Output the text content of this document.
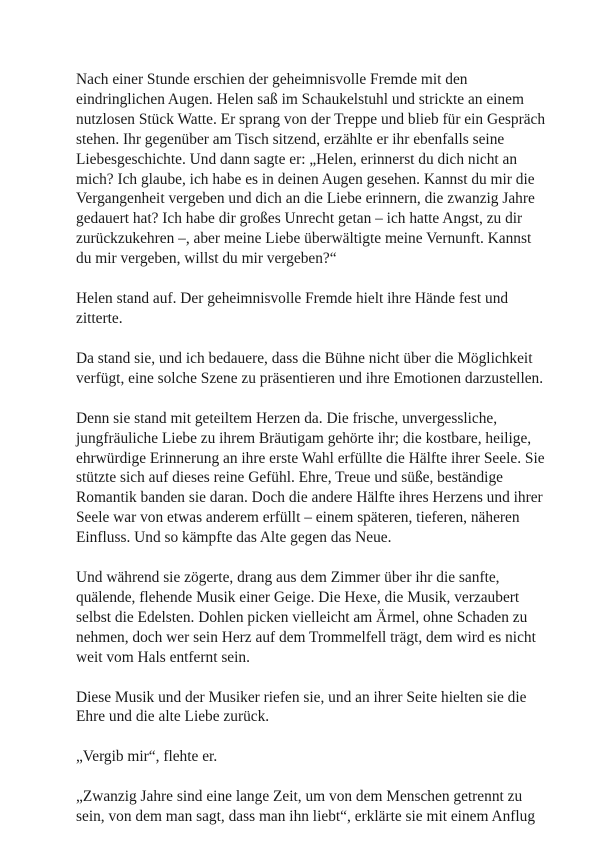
Nach einer Stunde erschien der geheimnisvolle Fremde mit den
eindringlichen Augen. Helen saß im Schaukelstuhl und strickte an einem
nutzlosen Stück Watte. Er sprang von der Treppe und blieb für ein Gespräch
stehen. Ihr gegenüber am Tisch sitzend, erzählte er ihr ebenfalls seine
Liebesgeschichte. Und dann sagte er: „Helen, erinnerst du dich nicht an
mich? Ich glaube, ich habe es in deinen Augen gesehen. Kannst du mir die
Vergangenheit vergeben und dich an die Liebe erinnern, die zwanzig Jahre
gedauert hat? Ich habe dir großes Unrecht getan – ich hatte Angst, zu dir
zurückzukehren –, aber meine Liebe überwältigte meine Vernunft. Kannst
du mir vergeben, willst du mir vergeben?“

Helen stand auf. Der geheimnisvolle Fremde hielt ihre Hände fest und
zitterte.

Da stand sie, und ich bedauere, dass die Bühne nicht über die Möglichkeit
verfügt, eine solche Szene zu präsentieren und ihre Emotionen darzustellen.

Denn sie stand mit geteiltem Herzen da. Die frische, unvergessliche,
jungfräuliche Liebe zu ihrem Bräutigam gehörte ihr; die kostbare, heilige,
ehrwürdige Erinnerung an ihre erste Wahl erfüllte die Hälfte ihrer Seele. Sie
stützte sich auf dieses reine Gefühl. Ehre, Treue und süße, beständige
Romantik banden sie daran. Doch die andere Hälfte ihres Herzens und ihrer
Seele war von etwas anderem erfüllt – einem späteren, tieferen, näheren
Einfluss. Und so kämpfte das Alte gegen das Neue.

Und während sie zögerte, drang aus dem Zimmer über ihr die sanfte,
quälende, flehende Musik einer Geige. Die Hexe, die Musik, verzaubert
selbst die Edelsten. Dohlen picken vielleicht am Ärmel, ohne Schaden zu
nehmen, doch wer sein Herz auf dem Trommelfell trägt, dem wird es nicht
weit vom Hals entfernt sein.

Diese Musik und der Musiker riefen sie, und an ihrer Seite hielten sie die
Ehre und die alte Liebe zurück.

„Vergib mir“, flehte er.

„Zwanzig Jahre sind eine lange Zeit, um von dem Menschen getrennt zu
sein, von dem man sagt, dass man ihn liebt“, erklärte sie mit einem Anflug
